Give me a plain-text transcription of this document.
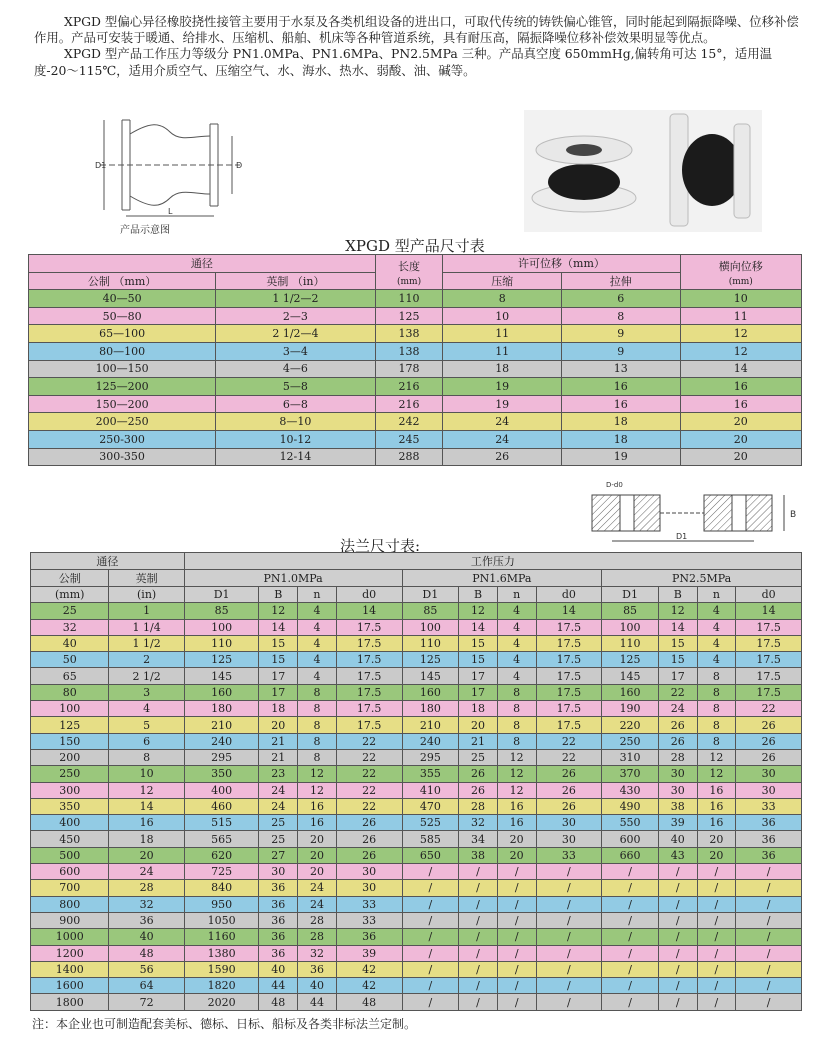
XPGD 型偏心异径橡胶挠性接管主要用于水泵及各类机组设备的进出口，可取代传统的铸铁偏心锥管，同时能起到隔振降噪、位移补偿作用。产品可安装于暖通、给排水、压缩机、船舶、机床等各种管道系统，具有耐压高，隔振降噪位移补偿效果明显等优点。

XPGD 型产品工作压力等级分 PN1.0MPa、PN1.6MPa、PN2.5MPa 三种。产品真空度 650mmHg,偏转角可达 15°，适用温度-20～115℃，适用介质空气、压缩空气、水、海水、热水、弱酸、油、碱等。

D1	D
L
产品示意图
XPGD 型产品尺寸表
通径		长度
(mm)	许可位移（mm）		横向位移
(mm)
公制 （mm）	英制 （in）		压缩	拉伸	
40—50	1 1/2—2	110	8	6	10
50—80	2—3	125	10	8	11
65—100	2 1/2—4	138	11	9	12
80—100	3—4	138	11	9	12
100—150	4—6	178	18	13	14
125—200	5—8	216	19	16	16
150—200	6—8	216	19	16	16
200—250	8—10	242	24	18	20
250-300	10-12	245	24	18	20
300-350	12-14	288	26	19	20
D-d0
D1
B
法兰尺寸表:
通径		工作压力											
公制	英制	PN1.0MPa				PN1.6MPa				PN2.5MPa			
(mm)	(in)	D1	B	n	d0	D1	B	n	d0	D1	B	n	d0
25	1	85	12	4	14	85	12	4	14	85	12	4	14
32	1 1/4	100	14	4	17.5	100	14	4	17.5	100	14	4	17.5
40	1 1/2	110	15	4	17.5	110	15	4	17.5	110	15	4	17.5
50	2	125	15	4	17.5	125	15	4	17.5	125	15	4	17.5
65	2 1/2	145	17	4	17.5	145	17	4	17.5	145	17	8	17.5
80	3	160	17	8	17.5	160	17	8	17.5	160	22	8	17.5
100	4	180	18	8	17.5	180	18	8	17.5	190	24	8	22
125	5	210	20	8	17.5	210	20	8	17.5	220	26	8	26
150	6	240	21	8	22	240	21	8	22	250	26	8	26
200	8	295	21	8	22	295	25	12	22	310	28	12	26
250	10	350	23	12	22	355	26	12	26	370	30	12	30
300	12	400	24	12	22	410	26	12	26	430	30	16	30
350	14	460	24	16	22	470	28	16	26	490	38	16	33
400	16	515	25	16	26	525	32	16	30	550	39	16	36
450	18	565	25	20	26	585	34	20	30	600	40	20	36
500	20	620	27	20	26	650	38	20	33	660	43	20	36
600	24	725	30	20	30	/	/	/	/	/	/	/	/
700	28	840	36	24	30	/	/	/	/	/	/	/	/
800	32	950	36	24	33	/	/	/	/	/	/	/	/
900	36	1050	36	28	33	/	/	/	/	/	/	/	/
1000	40	1160	36	28	36	/	/	/	/	/	/	/	/
1200	48	1380	36	32	39	/	/	/	/	/	/	/	/
1400	56	1590	40	36	42	/	/	/	/	/	/	/	/
1600	64	1820	44	40	42	/	/	/	/	/	/	/	/
1800	72	2020	48	44	48	/	/	/	/	/	/	/	/
注：本企业也可制造配套美标、德标、日标、船标及各类非标法兰定制。
